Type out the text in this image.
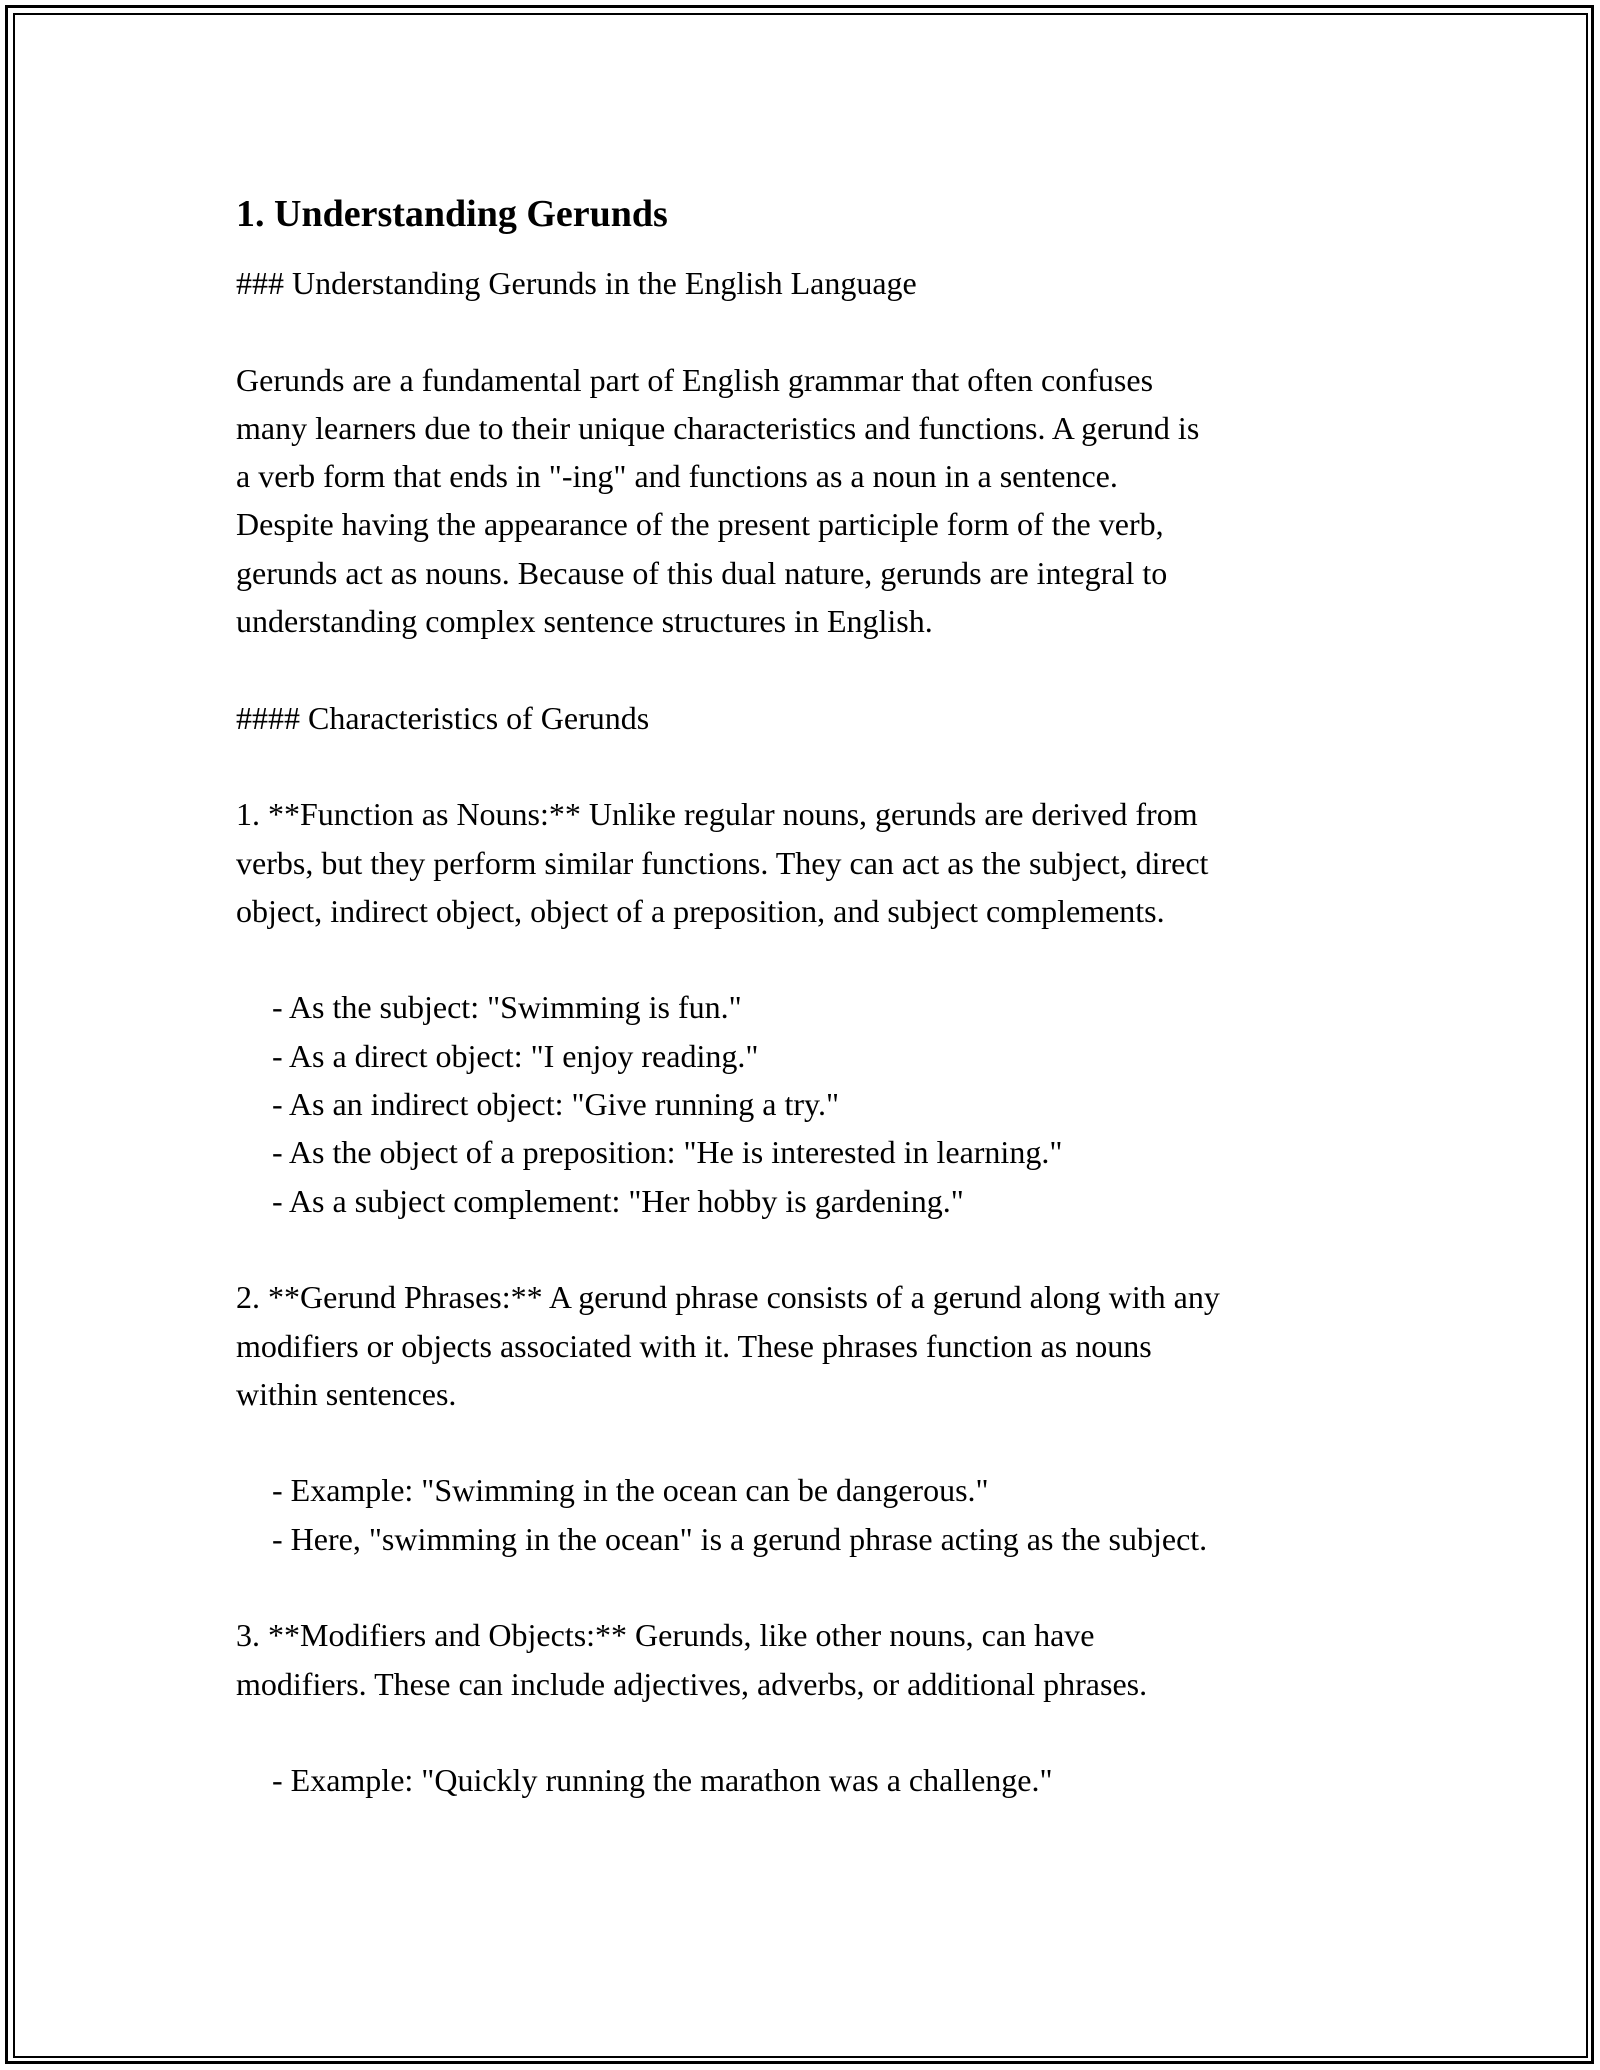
1. Understanding Gerunds

### Understanding Gerunds in the English Language

Gerunds are a fundamental part of English grammar that often confuses

many learners due to their unique characteristics and functions. A gerund is

a verb form that ends in "-ing" and functions as a noun in a sentence.

Despite having the appearance of the present participle form of the verb,

gerunds act as nouns. Because of this dual nature, gerunds are integral to

understanding complex sentence structures in English.

#### Characteristics of Gerunds

1. **Function as Nouns:** Unlike regular nouns, gerunds are derived from

verbs, but they perform similar functions. They can act as the subject, direct

object, indirect object, object of a preposition, and subject complements.

- As the subject: "Swimming is fun."

- As a direct object: "I enjoy reading."

- As an indirect object: "Give running a try."

- As the object of a preposition: "He is interested in learning."

- As a subject complement: "Her hobby is gardening."

2. **Gerund Phrases:** A gerund phrase consists of a gerund along with any

modifiers or objects associated with it. These phrases function as nouns

within sentences.

- Example: "Swimming in the ocean can be dangerous."

- Here, "swimming in the ocean" is a gerund phrase acting as the subject.

3. **Modifiers and Objects:** Gerunds, like other nouns, can have

modifiers. These can include adjectives, adverbs, or additional phrases.

- Example: "Quickly running the marathon was a challenge."
